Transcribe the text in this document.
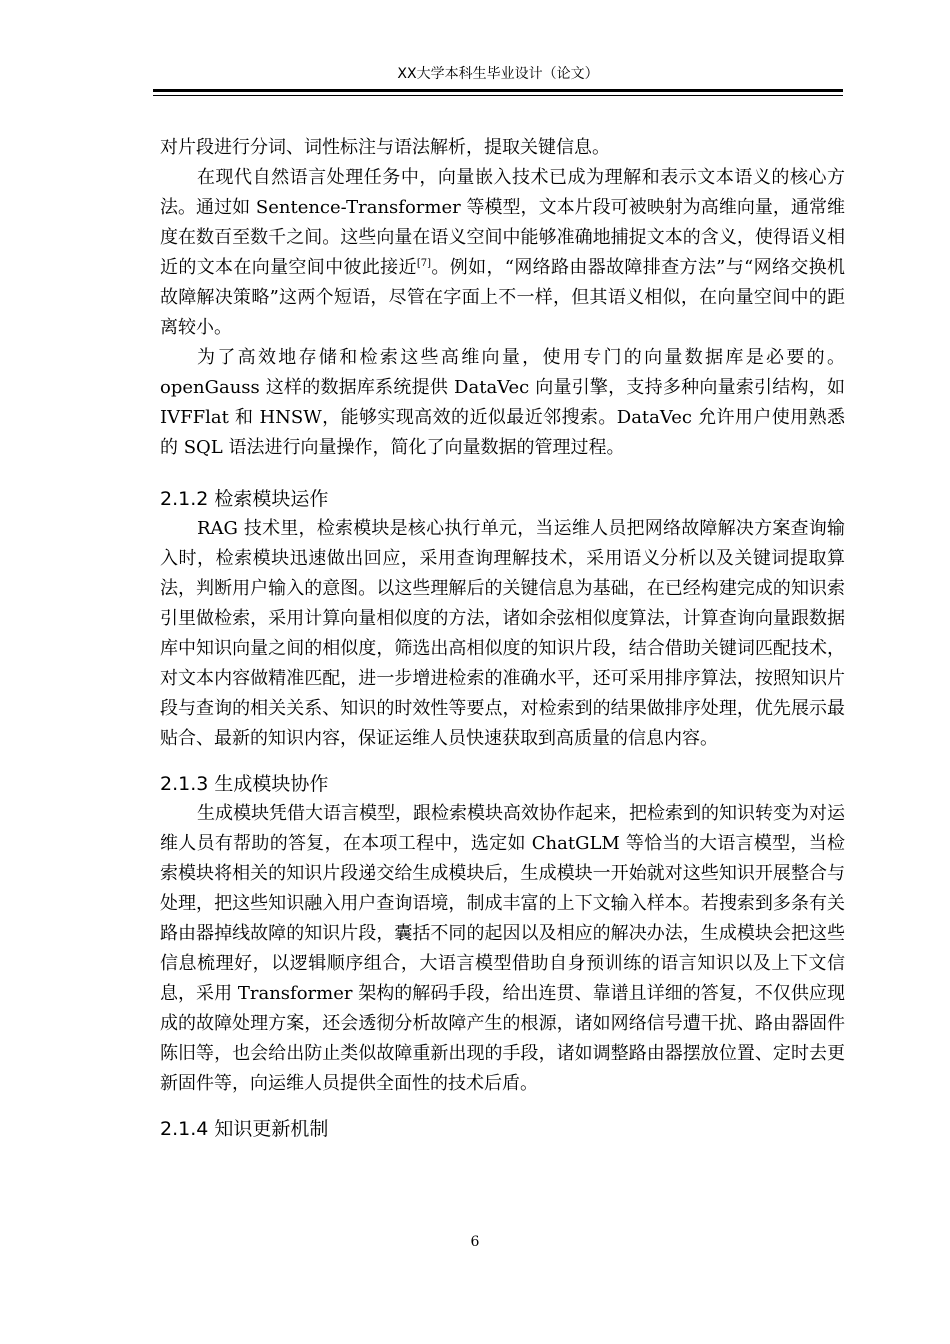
XX大学本科生毕业设计（论文）

对片段进行分词、词性标注与语法解析，提取关键信息。

在现代自然语言处理任务中，向量嵌入技术已成为理解和表示文本语义的核心方法。通过如 Sentence-Transformer 等模型，文本片段可被映射为高维向量，通常维度在数百至数千之间。这些向量在语义空间中能够准确地捕捉文本的含义，使得语义相近的文本在向量空间中彼此接近[7]。例如，“网络路由器故障排查方法”与“网络交换机故障解决策略”这两个短语，尽管在字面上不一样，但其语义相似，在向量空间中的距离较小。

为了高效地存储和检索这些高维向量，使用专门的向量数据库是必要的。openGauss 这样的数据库系统提供 DataVec 向量引擎，支持多种向量索引结构，如 IVFFlat 和 HNSW，能够实现高效的近似最近邻搜索。DataVec 允许用户使用熟悉的 SQL 语法进行向量操作，简化了向量数据的管理过程。

2.1.2 检索模块运作

RAG 技术里，检索模块是核心执行单元，当运维人员把网络故障解决方案查询输入时，检索模块迅速做出回应，采用查询理解技术，采用语义分析以及关键词提取算法，判断用户输入的意图。以这些理解后的关键信息为基础，在已经构建完成的知识索引里做检索，采用计算向量相似度的方法，诸如余弦相似度算法，计算查询向量跟数据库中知识向量之间的相似度，筛选出高相似度的知识片段，结合借助关键词匹配技术，对文本内容做精准匹配，进一步增进检索的准确水平，还可采用排序算法，按照知识片段与查询的相关关系、知识的时效性等要点，对检索到的结果做排序处理，优先展示最贴合、最新的知识内容，保证运维人员快速获取到高质量的信息内容。

2.1.3 生成模块协作

生成模块凭借大语言模型，跟检索模块高效协作起来，把检索到的知识转变为对运维人员有帮助的答复，在本项工程中，选定如 ChatGLM 等恰当的大语言模型，当检索模块将相关的知识片段递交给生成模块后，生成模块一开始就对这些知识开展整合与处理，把这些知识融入用户查询语境，制成丰富的上下文输入样本。若搜索到多条有关路由器掉线故障的知识片段，囊括不同的起因以及相应的解决办法，生成模块会把这些信息梳理好，以逻辑顺序组合，大语言模型借助自身预训练的语言知识以及上下文信息，采用 Transformer 架构的解码手段，给出连贯、靠谱且详细的答复，不仅供应现成的故障处理方案，还会透彻分析故障产生的根源，诸如网络信号遭干扰、路由器固件陈旧等，也会给出防止类似故障重新出现的手段，诸如调整路由器摆放位置、定时去更新固件等，向运维人员提供全面性的技术后盾。

2.1.4 知识更新机制
6
